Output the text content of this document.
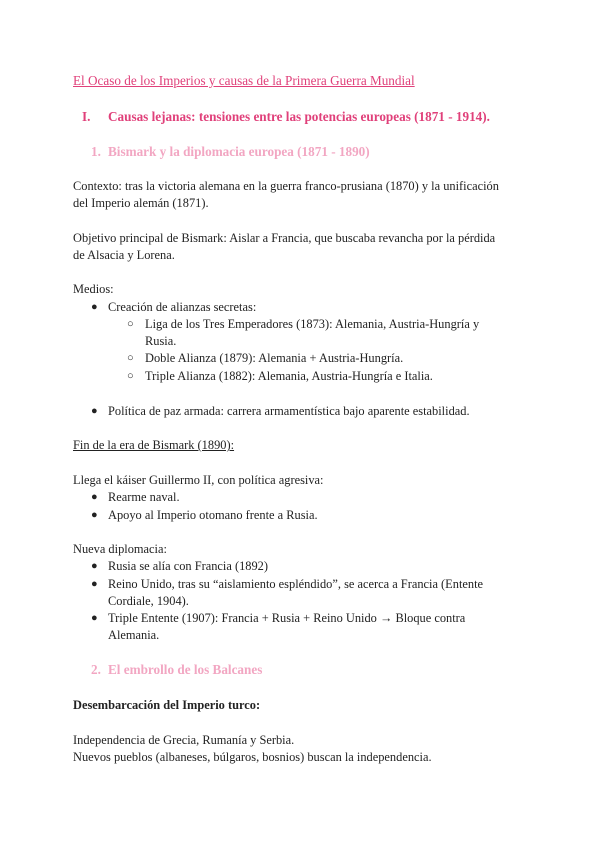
El Ocaso de los Imperios y causas de la Primera Guerra Mundial
I. Causas lejanas: tensiones entre las potencias europeas (1871 - 1914).
1. Bismark y la diplomacia europea (1871 - 1890)
Contexto: tras la victoria alemana en la guerra franco-prusiana (1870) y la unificación
del Imperio alemán (1871).
Objetivo principal de Bismark: Aislar a Francia, que buscaba revancha por la pérdida
de Alsacia y Lorena.
Medios:
● Creación de alianzas secretas:
○ Liga de los Tres Emperadores (1873): Alemania, Austria-Hungría y
Rusia.
○ Doble Alianza (1879): Alemania + Austria-Hungría.
○ Triple Alianza (1882): Alemania, Austria-Hungría e Italia.
● Política de paz armada: carrera armamentística bajo aparente estabilidad.
Fin de la era de Bismark (1890):
Llega el káiser Guillermo II, con política agresiva:
● Rearme naval.
● Apoyo al Imperio otomano frente a Rusia.
Nueva diplomacia:
● Rusia se alía con Francia (1892)
● Reino Unido, tras su “aislamiento espléndido”, se acerca a Francia (Entente
Cordiale, 1904).
● Triple Entente (1907): Francia + Rusia + Reino Unido → Bloque contra
Alemania.
2. El embrollo de los Balcanes
Desembarcación del Imperio turco:
Independencia de Grecia, Rumanía y Serbia.
Nuevos pueblos (albaneses, búlgaros, bosnios) buscan la independencia.
